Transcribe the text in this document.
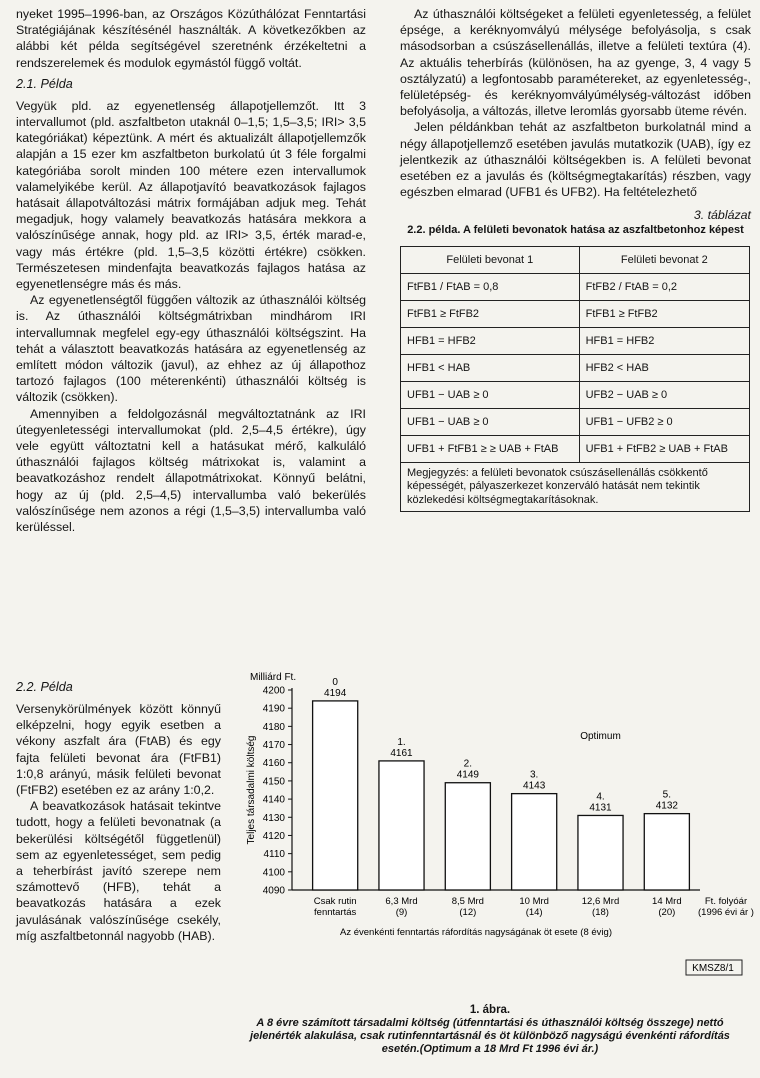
nyeket 1995–1996-ban, az Országos Közúthálózat Fenntartási Stratégiájának készítésénél használták. A következőkben az alábbi két példa segítségével szeretnénk érzékeltetni a rendszerelemek és modulok egymástól függő voltát.

2.1. Példa

Vegyük pld. az egyenetlenség állapotjellemzőt. Itt 3 intervallumot (pld. aszfaltbeton utaknál 0–1,5; 1,5–3,5; IRI> 3,5 kategóriákat) képeztünk. A mért és aktualizált állapotjellemzők alapján a 15 ezer km aszfaltbeton burkolatú út 3 féle forgalmi kategóriába sorolt minden 100 métere ezen intervallumok valamelyikébe kerül. Az állapotjavító beavatkozások fajlagos hatásait állapotváltozási mátrix formájában adjuk meg. Tehát megadjuk, hogy valamely beavatkozás hatására mekkora a valószínűsége annak, hogy pld. az IRI> 3,5, érték marad-e, vagy más értékre (pld. 1,5–3,5 közötti értékre) csökken. Természetesen mindenfajta beavatkozás fajlagos hatása az egyenetlenségre más és más.

Az egyenetlenségtől függően változik az úthasználói költség is. Az úthasználói költségmátrixban mindhárom IRI intervallumnak megfelel egy-egy úthasználói költségszint. Ha tehát a választott beavatkozás hatására az egyenetlenség az említett módon változik (javul), az ehhez az új állapothoz tartozó fajlagos (100 méterenkénti) úthasználói költség is változik (csökken).

Amennyiben a feldolgozásnál megváltoztatnánk az IRI útegyenletességi intervallumokat (pld. 2,5–4,5 értékre), úgy vele együtt változtatni kell a hatásukat mérő, kalkuláló úthasználói fajlagos költség mátrixokat is, valamint a beavatkozáshoz rendelt állapotmátrixokat. Könnyű belátni, hogy az új (pld. 2,5–4,5) intervallumba való bekerülés valószínűsége nem azonos a régi (1,5–3,5) intervallumba való kerüléssel.

2.2. Példa

Versenykörülmények között könnyű elképzelni, hogy egyik esetben a vékony aszfalt ára (FtAB) és egy fajta felületi bevonat ára (FtFB1) 1:0,8 arányú, másik felületi bevonat (FtFB2) esetében ez az arány 1:0,2.

A beavatkozások hatásait tekintve tudott, hogy a felületi bevonatnak (a bekerülési költségétől függetlenül) sem az egyenletességet, sem pedig a teherbírást javító szerepe nem számottevő (HFB), tehát a beavatkozás hatására a ezek javulásának valószínűsége csekély, míg aszfaltbetonnál nagyobb (HAB).

Az úthasználói költségeket a felületi egyenletesség, a felület épsége, a keréknyomvályú mélysége befolyásolja, s csak másodsorban a csúszásellenállás, illetve a felületi textúra (4). Az aktuális teherbírás (különösen, ha az gyenge, 3, 4 vagy 5 osztályzatú) a legfontosabb paramétereket, az egyenletesség-, felületépség- és keréknyomvályúmélység-változást időben befolyásolja, a változás, illetve leromlás gyorsabb üteme révén.

Jelen példánkban tehát az aszfaltbeton burkolatnál mind a négy állapotjellemző esetében javulás mutatkozik (UAB), így ez jelentkezik az úthasználói költségekben is. A felületi bevonat esetében ez a javulás és (költségmegtakarítás) részben, vagy egészben elmarad (UFB1 és UFB2). Ha feltételezhető

3. táblázat
2.2. példa. A felületi bevonatok hatása az aszfaltbetonhoz képest
Felületi bevonat 1	Felületi bevonat 2
FtFB1 / FtAB = 0,8	FtFB2 / FtAB = 0,2
FtFB1 ≥ FtFB2	FtFB1 ≥ FtFB2
HFB1 = HFB2	HFB1 = HFB2
HFB1 < HAB	HFB2 < HAB
UFB1 − UAB ≥ 0	UFB2 − UAB ≥ 0
UFB1 − UAB ≥ 0	UFB1 − UFB2 ≥ 0
UFB1 + FtFB1 ≥ ≥ UAB + FtAB	UFB1 + FtFB2 ≥ UAB + FtAB
Megjegyzés: a felületi bevonatok csúszásellenállás csökkentő képességét, pályaszerkezet konzerváló hatását nem tekintik közlekedési költségmegtakarításoknak.	
4090
4100
4110
4120
4130
4140
4150
4160
4170
4180
4190
4200
Milliárd Ft.
Teljes társadalmi költség
0
4194
Csak rutin
fenntartás
1.
4161
6,3 Mrd
(9)
2.
4149
8,5 Mrd
(12)
3.
4143
10 Mrd
(14)
4.
4131
12,6 Mrd
(18)
5.
4132
14 Mrd
(20)
Optimum
Ft. folyóár
(1996 évi ár )
Az évenkénti fenntartás ráfordítás nagyságának öt esete (8 évig)
KMSZ8/1
1. ábra.
A 8 évre számított társadalmi költség (útfenntartási és úthasználói költség összege) nettó jelenérték alakulása, csak rutinfenntartásnál és öt különböző nagyságú évenkénti ráfordítás esetén.(Optimum a 18 Mrd Ft 1996 évi ár.)
